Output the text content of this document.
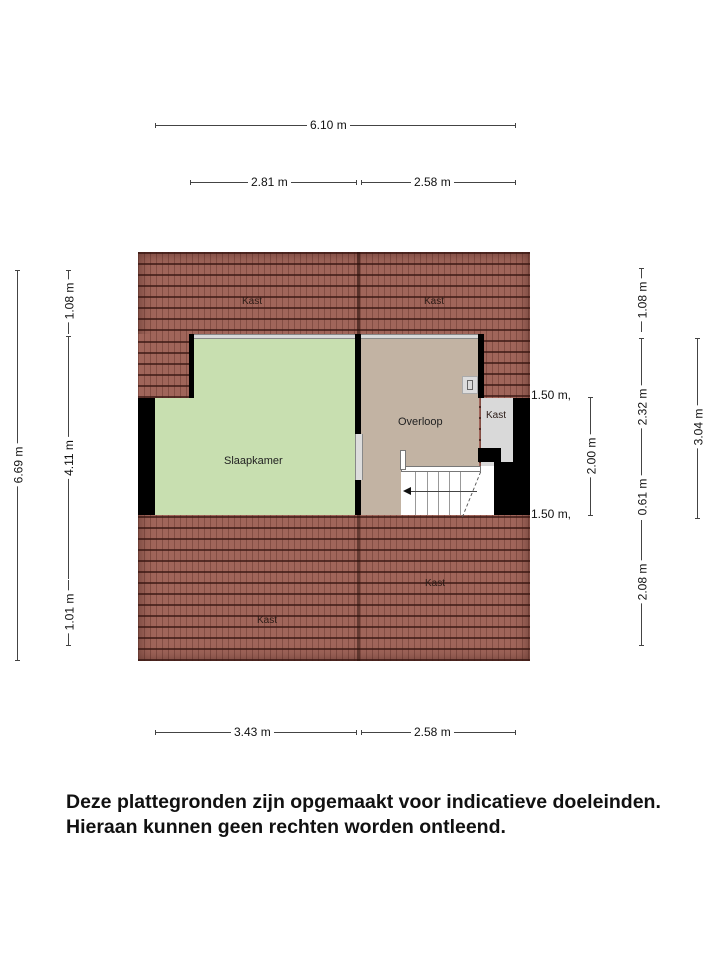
6.10 m
2.81 m	2.58 m
3.43 m	2.58 m
6.69 m
1.08 m
4.11 m
1.01 m
1.08 m
2.32 m
0.61 m
2.08 m
3.04 m
2.00 m
Slaapkamer
Overloop
Kast
Kast	Kast
Kast
Kast
1.50 m,
1.50 m,
Deze plattegronden zijn opgemaakt voor indicatieve doeleinden.
Hieraan kunnen geen rechten worden ontleend.
